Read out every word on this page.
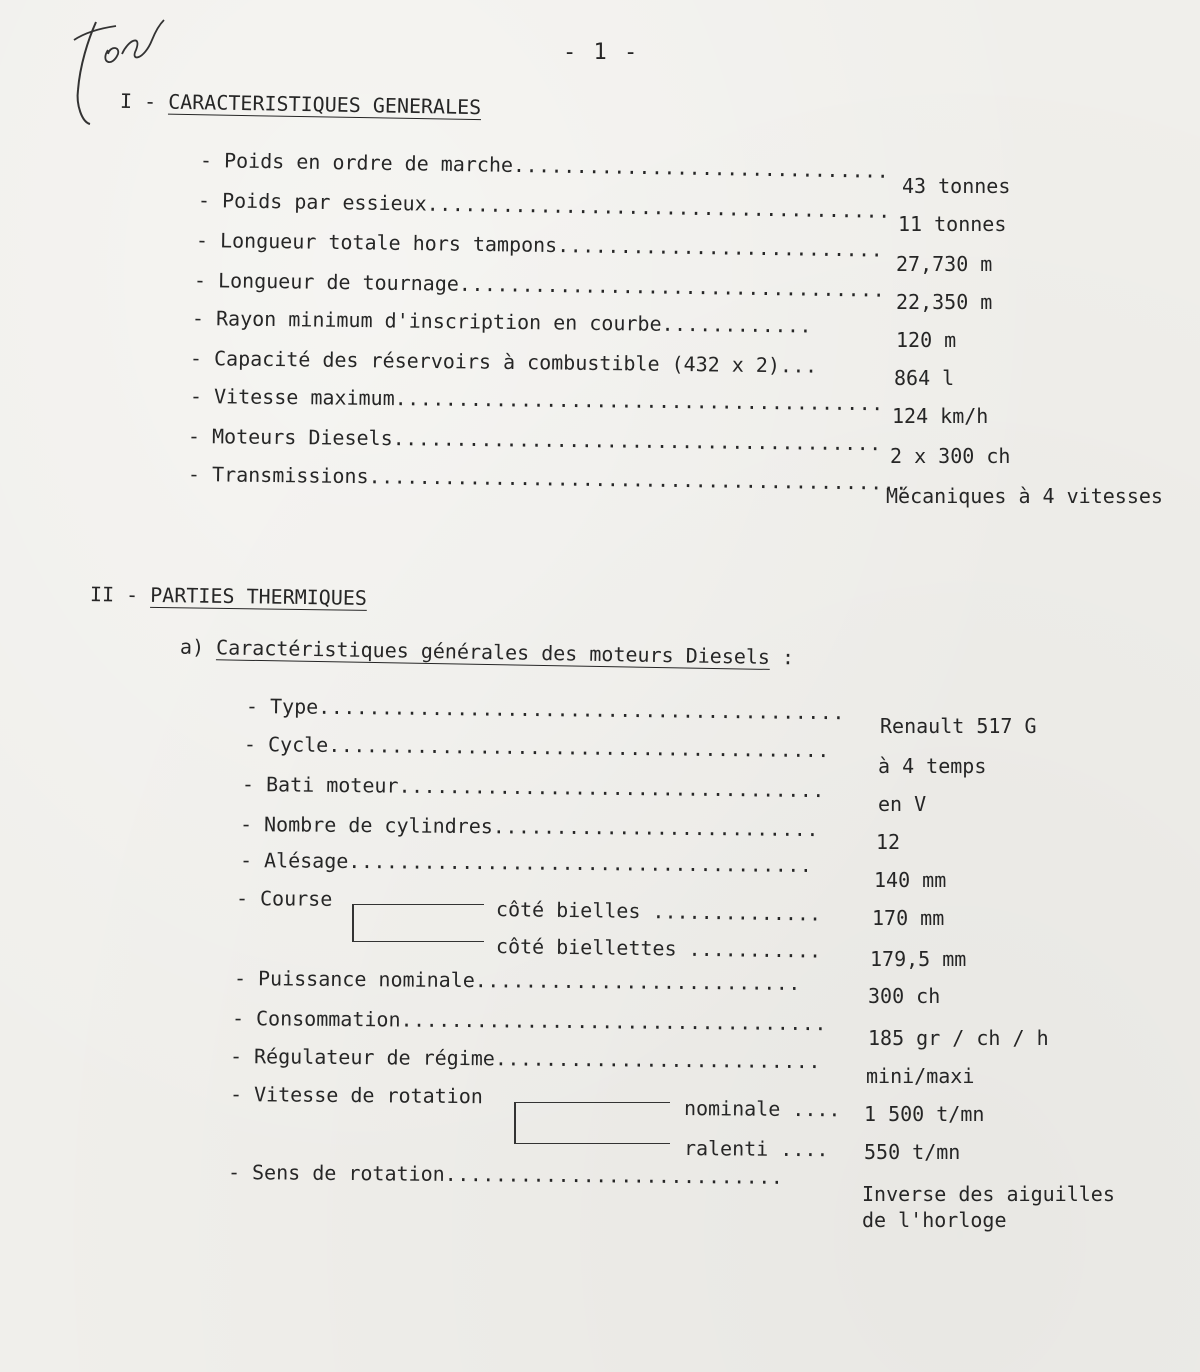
- 1 -
I - CARACTERISTIQUES GENERALES
- Poids en ordre de marche..............................
43 tonnes
- Poids par essieux.....................................
11 tonnes
- Longueur totale hors tampons..........................
27,730 m
- Longueur de tournage..................................
22,350 m
- Rayon minimum d'inscription en courbe............
120 m
- Capacité des réservoirs à combustible (432 x 2)...
864 l
- Vitesse maximum.......................................
124 km/h
- Moteurs Diesels.......................................
2 x 300 ch
- Transmissions...........................................
Mécaniques à 4 vitesses
II - PARTIES THERMIQUES
a) Caractéristiques générales des moteurs Diesels :
- Type..........................................
Renault 517 G
- Cycle........................................
à 4 temps
- Bati moteur..................................
en V
- Nombre de cylindres..........................
12
- Alésage.....................................
140 mm
- Course	côté bielles ..............	170 mm
côté biellettes ........... 179,5 mm
- Puissance nominale..........................
300 ch
- Consommation..................................
185 gr / ch / h
- Régulateur de régime..........................
mini/maxi
- Vitesse de rotation
nominale .... 1 500 t/mn
ralenti .... 550 t/mn
- Sens de rotation...........................
Inverse des aiguilles
de l'horloge
